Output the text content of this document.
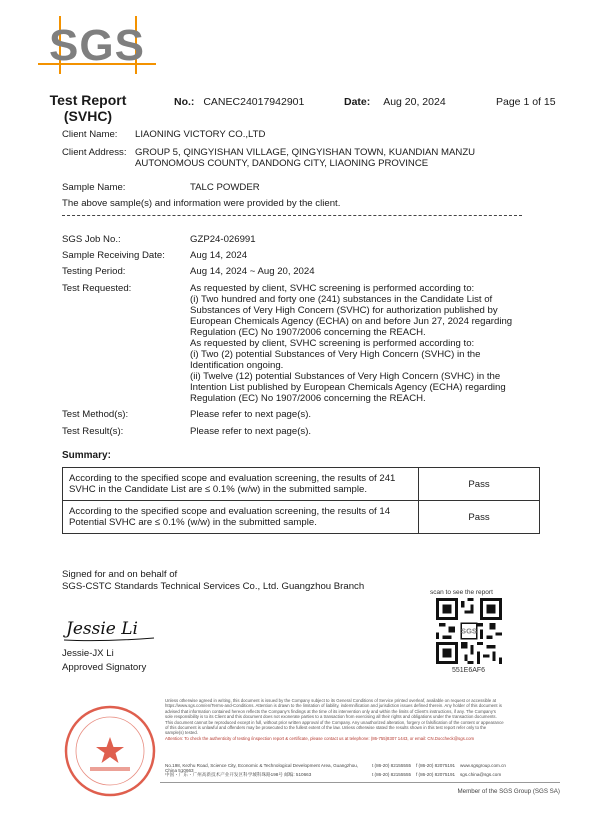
SGS
Test Report
(SVHC)
No.: CANEC24017942901	Date: Aug 20, 2024	Page 1 of 15
Client Name: LIAONING VICTORY CO.,LTD
Client Address: GROUP 5, QINGYISHAN VILLAGE, QINGYISHAN TOWN, KUANDIAN MANZU
AUTONOMOUS COUNTY, DANDONG CITY, LIAONING PROVINCE
Sample Name:	TALC POWDER
The above sample(s) and information were provided by the client.
SGS Job No.:	GZP24-026991
Sample Receiving Date:	Aug 14, 2024
Testing Period:	Aug 14, 2024 ~ Aug 20, 2024
Test Requested:	As requested by client, SVHC screening is performed according to:

(i) Two hundred and forty one (241) substances in the Candidate List of

Substances of Very High Concern (SVHC) for authorization published by

European Chemicals Agency (ECHA) on and before Jun 27, 2024 regarding

Regulation (EC) No 1907/2006 concerning the REACH.

As requested by client, SVHC screening is performed according to:

(i) Two (2) potential Substances of Very High Concern (SVHC) in the

Identification ongoing.

(ii) Twelve (12) potential Substances of Very High Concern (SVHC) in the

Intention List published by European Chemicals Agency (ECHA) regarding

Regulation (EC) No 1907/2006 concerning the REACH.

Test Method(s):	Please refer to next page(s).
Test Result(s):	Please refer to next page(s).
Summary:
According to the specified scope and evaluation screening, the results of 241 SVHC in the Candidate List are ≤ 0.1% (w/w) in the submitted sample.	Pass
According to the specified scope and evaluation screening, the results of 14 Potential SVHC are ≤ 0.1% (w/w) in the submitted sample.	Pass
Signed for and on behalf of
SGS-CSTC Standards Technical Services Co., Ltd. Guangzhou Branch
Jessie Li
Jessie-JX Li
Approved Signatory
scan to see the report
SGS
551E6AF6

Unless otherwise agreed in writing, this document is issued by the Company subject to its General Conditions of Service printed overleaf, available on request or accessible at https://www.sgs.com/en/Terms-and-Conditions. Attention is drawn to the limitation of liability, indemnification and jurisdiction issues defined therein. Any holder of this document is advised that information contained hereon reflects the Company's findings at the time of its intervention only and within the limits of Client's instructions, if any. The Company's sole responsibility is to its Client and this document does not exonerate parties to a transaction from exercising all their rights and obligations under the transaction documents. This document cannot be reproduced except in full, without prior written approval of the Company. Any unauthorized alteration, forgery or falsification of the content or appearance of this document is unlawful and offenders may be prosecuted to the fullest extent of the law. Unless otherwise stated the results shown in this test report refer only to the sample(s) tested.

Attention: To check the authenticity of testing /inspection report & certificate, please contact us at telephone: (86-755)8307 1443, or email: CN.Doccheck@sgs.com

No.198, Kezhu Road, Science City, Economic & Technological Development Area, Guangzhou, China 510663
中国・广东・广州高新技术产业开发区科学城科珠路198号 邮编: 510663
t (86-20) 82155555 f (86-20) 82075191 www.sgsgroup.com.cn
t (86-20) 82155555 f (86-20) 82075191 sgs.china@sgs.com
Member of the SGS Group (SGS SA)
